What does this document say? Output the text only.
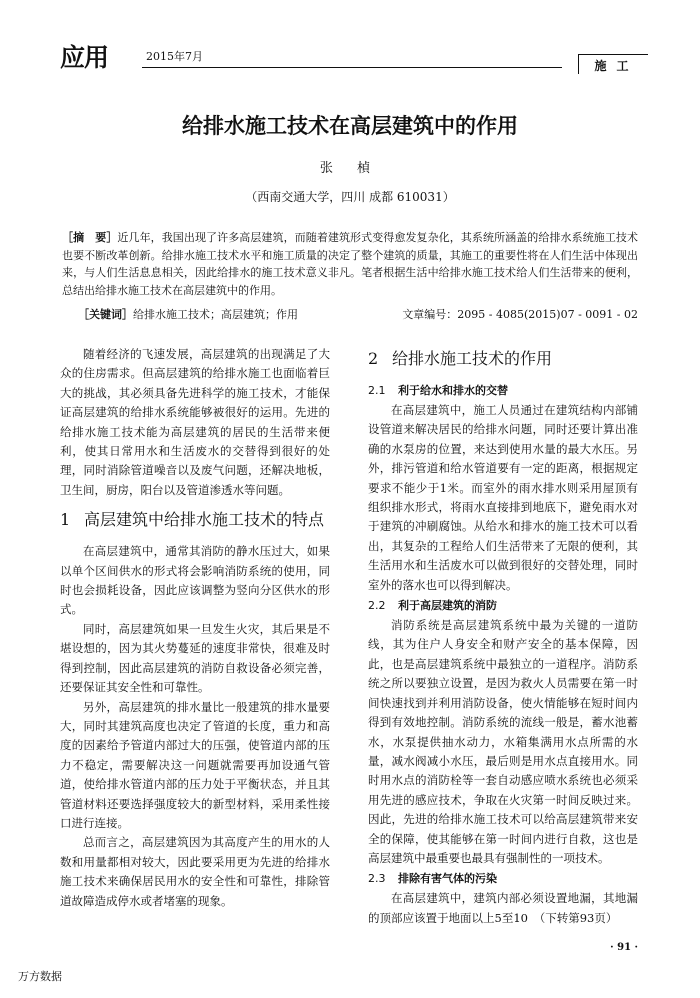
应用	2015年7月
施工
给排水施工技术在高层建筑中的作用
张 楨
（西南交通大学，四川 成都 610031）
［摘　要］近几年，我国出现了许多高层建筑，而随着建筑形式变得愈发复杂化，其系统所涵盖的给排水系统施工技术也要不断改革创新。给排水施工技术水平和施工质量的决定了整个建筑的质量，其施工的重要性将在人们生活中体现出来，与人们生活息息相关，因此给排水的施工技术意义非凡。笔者根据生活中给排水施工技术给人们生活带来的便利，总结出给排水施工技术在高层建筑中的作用。
［关键词］给排水施工技术；高层建筑；作用	文章编号：2095 - 4085(2015)07 - 0091 - 02

随着经济的飞速发展，高层建筑的出现满足了大众的住房需求。但高层建筑的给排水施工也面临着巨大的挑战，其必须具备先进科学的施工技术，才能保证高层建筑的给排水系统能够被很好的运用。先进的给排水施工技术能为高层建筑的居民的生活带来便利，使其日常用水和生活废水的交替得到很好的处理，同时消除管道噪音以及废气问题，还解决地板，卫生间，厨房，阳台以及管道渗透水等问题。

1 高层建筑中给排水施工技术的特点

在高层建筑中，通常其消防的静水压过大，如果以单个区间供水的形式将会影响消防系统的使用，同时也会损耗设备，因此应该调整为竖向分区供水的形式。

同时，高层建筑如果一旦发生火灾，其后果是不堪设想的，因为其火势蔓延的速度非常快，很难及时得到控制，因此高层建筑的消防自救设备必须完善，还要保证其安全性和可靠性。

另外，高层建筑的排水量比一般建筑的排水量要大，同时其建筑高度也决定了管道的长度，重力和高度的因素给予管道内部过大的压强，使管道内部的压力不稳定，需要解决这一问题就需要再加设通气管道，使给排水管道内部的压力处于平衡状态，并且其管道材料还要选择强度较大的新型材料，采用柔性接口进行连接。

总而言之，高层建筑因为其高度产生的用水的人数和用量都相对较大，因此要采用更为先进的给排水施工技术来确保居民用水的安全性和可靠性，排除管道故障造成停水或者堵塞的现象。

2 给排水施工技术的作用
2.1 利于给水和排水的交替

在高层建筑中，施工人员通过在建筑结构内部铺设管道来解决居民的给排水问题，同时还要计算出准确的水泵房的位置，来达到使用水量的最大水压。另外，排污管道和给水管道要有一定的距离，根据规定要求不能少于1米。而室外的雨水排水则采用屋顶有组织排水形式，将雨水直接排到地底下，避免雨水对于建筑的冲刷腐蚀。从给水和排水的施工技术可以看出，其复杂的工程给人们生活带来了无限的便利，其生活用水和生活废水可以做到很好的交替处理，同时室外的落水也可以得到解决。

2.2 利于高层建筑的消防

消防系统是高层建筑系统中最为关键的一道防线，其为住户人身安全和财产安全的基本保障，因此，也是高层建筑系统中最独立的一道程序。消防系统之所以要独立设置，是因为救火人员需要在第一时间快速找到并利用消防设备，使火情能够在短时间内得到有效地控制。消防系统的流线一般是，蓄水池蓄水，水泵提供抽水动力，水箱集满用水点所需的水量，减水阀减小水压，最后则是用水点直接用水。同时用水点的消防栓等一套自动感应喷水系统也必须采用先进的感应技术，争取在火灾第一时间反映过来。因此，先进的给排水施工技术可以给高层建筑带来安全的保障，使其能够在第一时间内进行自救，这也是高层建筑中最重要也最具有强制性的一项技术。

2.3 排除有害气体的污染

在高层建筑中，建筑内部必须设置地漏，其地漏的顶部应该置于地面以上5至10　（下转第93页）

· 91 ·
万方数据
